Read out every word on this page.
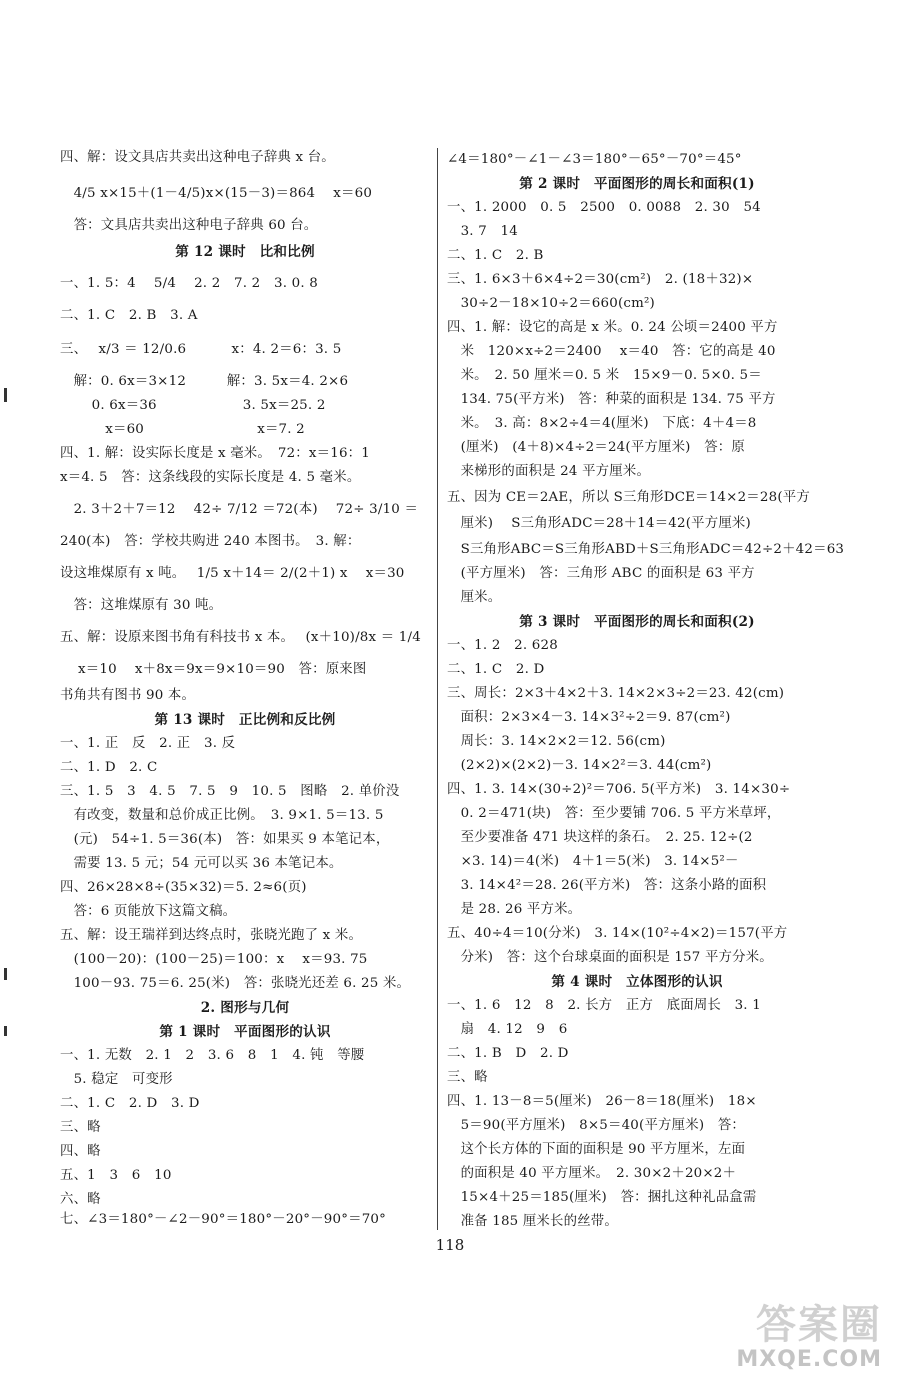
四、解：设文具店共卖出这种电子辞典 x 台。
　4/5 x×15＋(1－4/5)x×(15－3)＝864　 x＝60
　答：文具店共卖出这种电子辞典 60 台。
第 12 课时　比和比例
一、1. 5：4　 5/4 　2. 2　7. 2　3. 0. 8
二、1. C　2. B　3. A
三、　 x/3 ＝ 12/0.6　　　 x：4. 2＝6：3. 5
　解：0. 6x＝3×12　　　解：3. 5x＝4. 2×6
　　 0. 6x＝36　　　　　　 3. 5x＝25. 2
　　　 x＝60　　　　　　　　 x＝7. 2
四、1. 解：设实际长度是 x 毫米。　72：x＝16：1
x＝4. 5　答：这条线段的实际长度是 4. 5 毫米。
　2. 3＋2＋7＝12　 42÷ 7/12 ＝72(本)　 72÷ 3/10 ＝
240(本)　答：学校共购进 240 本图书。　3. 解：
设这堆煤原有 x 吨。　 1/5 x＋14＝ 2/(2＋1) x　 x＝30
　答：这堆煤原有 30 吨。
五、解：设原来图书角有科技书 x 本。　 (x＋10)/8x ＝ 1/4
　 x＝10　 x＋8x＝9x＝9×10＝90　答：原来图
书角共有图书 90 本。
第 13 课时　正比例和反比例
一、1. 正　反　2. 正　3. 反
二、1. D　2. C
三、1. 5　3　4. 5　7. 5　9　10. 5　图略　2. 单价没
　有改变，数量和总价成正比例。　3. 9×1. 5＝13. 5
　(元)　54÷1. 5＝36(本)　答：如果买 9 本笔记本，
　需要 13. 5 元；54 元可以买 36 本笔记本。
四、26×28×8÷(35×32)＝5. 2≈6(页)
　答：6 页能放下这篇文稿。
五、解：设王瑞祥到达终点时，张晓光跑了 x 米。
　(100－20)：(100－25)＝100：x　 x＝93. 75
　100－93. 75＝6. 25(米)　答：张晓光还差 6. 25 米。
2. 图形与几何
第 1 课时　平面图形的认识
一、1. 无数　2. 1　2　3. 6　8　1　4. 钝　等腰
　5. 稳定　可变形
二、1. C　2. D　3. D
三、略
四、略
五、1　3　6　10
六、略
七、∠3＝180°－∠2－90°＝180°－20°－90°＝70°
∠4＝180°－∠1－∠3＝180°－65°－70°＝45°
第 2 课时　平面图形的周长和面积(1)
一、1. 2000　0. 5　2500　0. 0088　2. 30　54
　3. 7　14
二、1. C　2. B
三、1. 6×3＋6×4÷2＝30(cm²)　2. (18＋32)×
　30÷2－18×10÷2＝660(cm²)
四、1. 解：设它的高是 x 米。0. 24 公顷＝2400 平方
　米　120×x÷2＝2400　 x＝40　答：它的高是 40
　米。　2. 50 厘米＝0. 5 米　15×9－0. 5×0. 5＝
　134. 75(平方米)　答：种菜的面积是 134. 75 平方
　米。　3. 高：8×2÷4＝4(厘米)　下底：4＋4＝8
　(厘米)　(4＋8)×4÷2＝24(平方厘米)　答：原
　来梯形的面积是 24 平方厘米。
五、因为 CE＝2AE，所以 S三角形DCE＝14×2＝28(平方
　厘米)　 S三角形ADC＝28＋14＝42(平方厘米)
　S三角形ABC＝S三角形ABD＋S三角形ADC＝42÷2＋42＝63
　(平方厘米)　答：三角形 ABC 的面积是 63 平方
　厘米。
第 3 课时　平面图形的周长和面积(2)
一、1. 2　2. 628
二、1. C　2. D
三、周长：2×3＋4×2＋3. 14×2×3÷2＝23. 42(cm)
　面积：2×3×4－3. 14×3²÷2＝9. 87(cm²)
　周长：3. 14×2×2＝12. 56(cm)
　(2×2)×(2×2)－3. 14×2²＝3. 44(cm²)
四、1. 3. 14×(30÷2)²＝706. 5(平方米)　3. 14×30÷
　0. 2＝471(块)　答：至少要铺 706. 5 平方米草坪，
　至少要准备 471 块这样的条石。　2. 25. 12÷(2
　×3. 14)＝4(米)　4＋1＝5(米)　3. 14×5²－
　3. 14×4²＝28. 26(平方米)　答：这条小路的面积
　是 28. 26 平方米。
五、40÷4＝10(分米)　3. 14×(10²÷4×2)＝157(平方
　分米)　答：这个台球桌面的面积是 157 平方分米。
第 4 课时　立体图形的认识
一、1. 6　12　8　2. 长方　正方　底面周长　3. 1
　扇　4. 12　9　6
二、1. B　D　2. D
三、略
四、1. 13－8＝5(厘米)　26－8＝18(厘米)　18×
　5＝90(平方厘米)　8×5＝40(平方厘米)　答：
　这个长方体的下面的面积是 90 平方厘米，左面
　的面积是 40 平方厘米。　2. 30×2＋20×2＋
　15×4＋25＝185(厘米)　答：捆扎这种礼品盒需
　准备 185 厘米长的丝带。
118
答案圈
MXQE.COM
